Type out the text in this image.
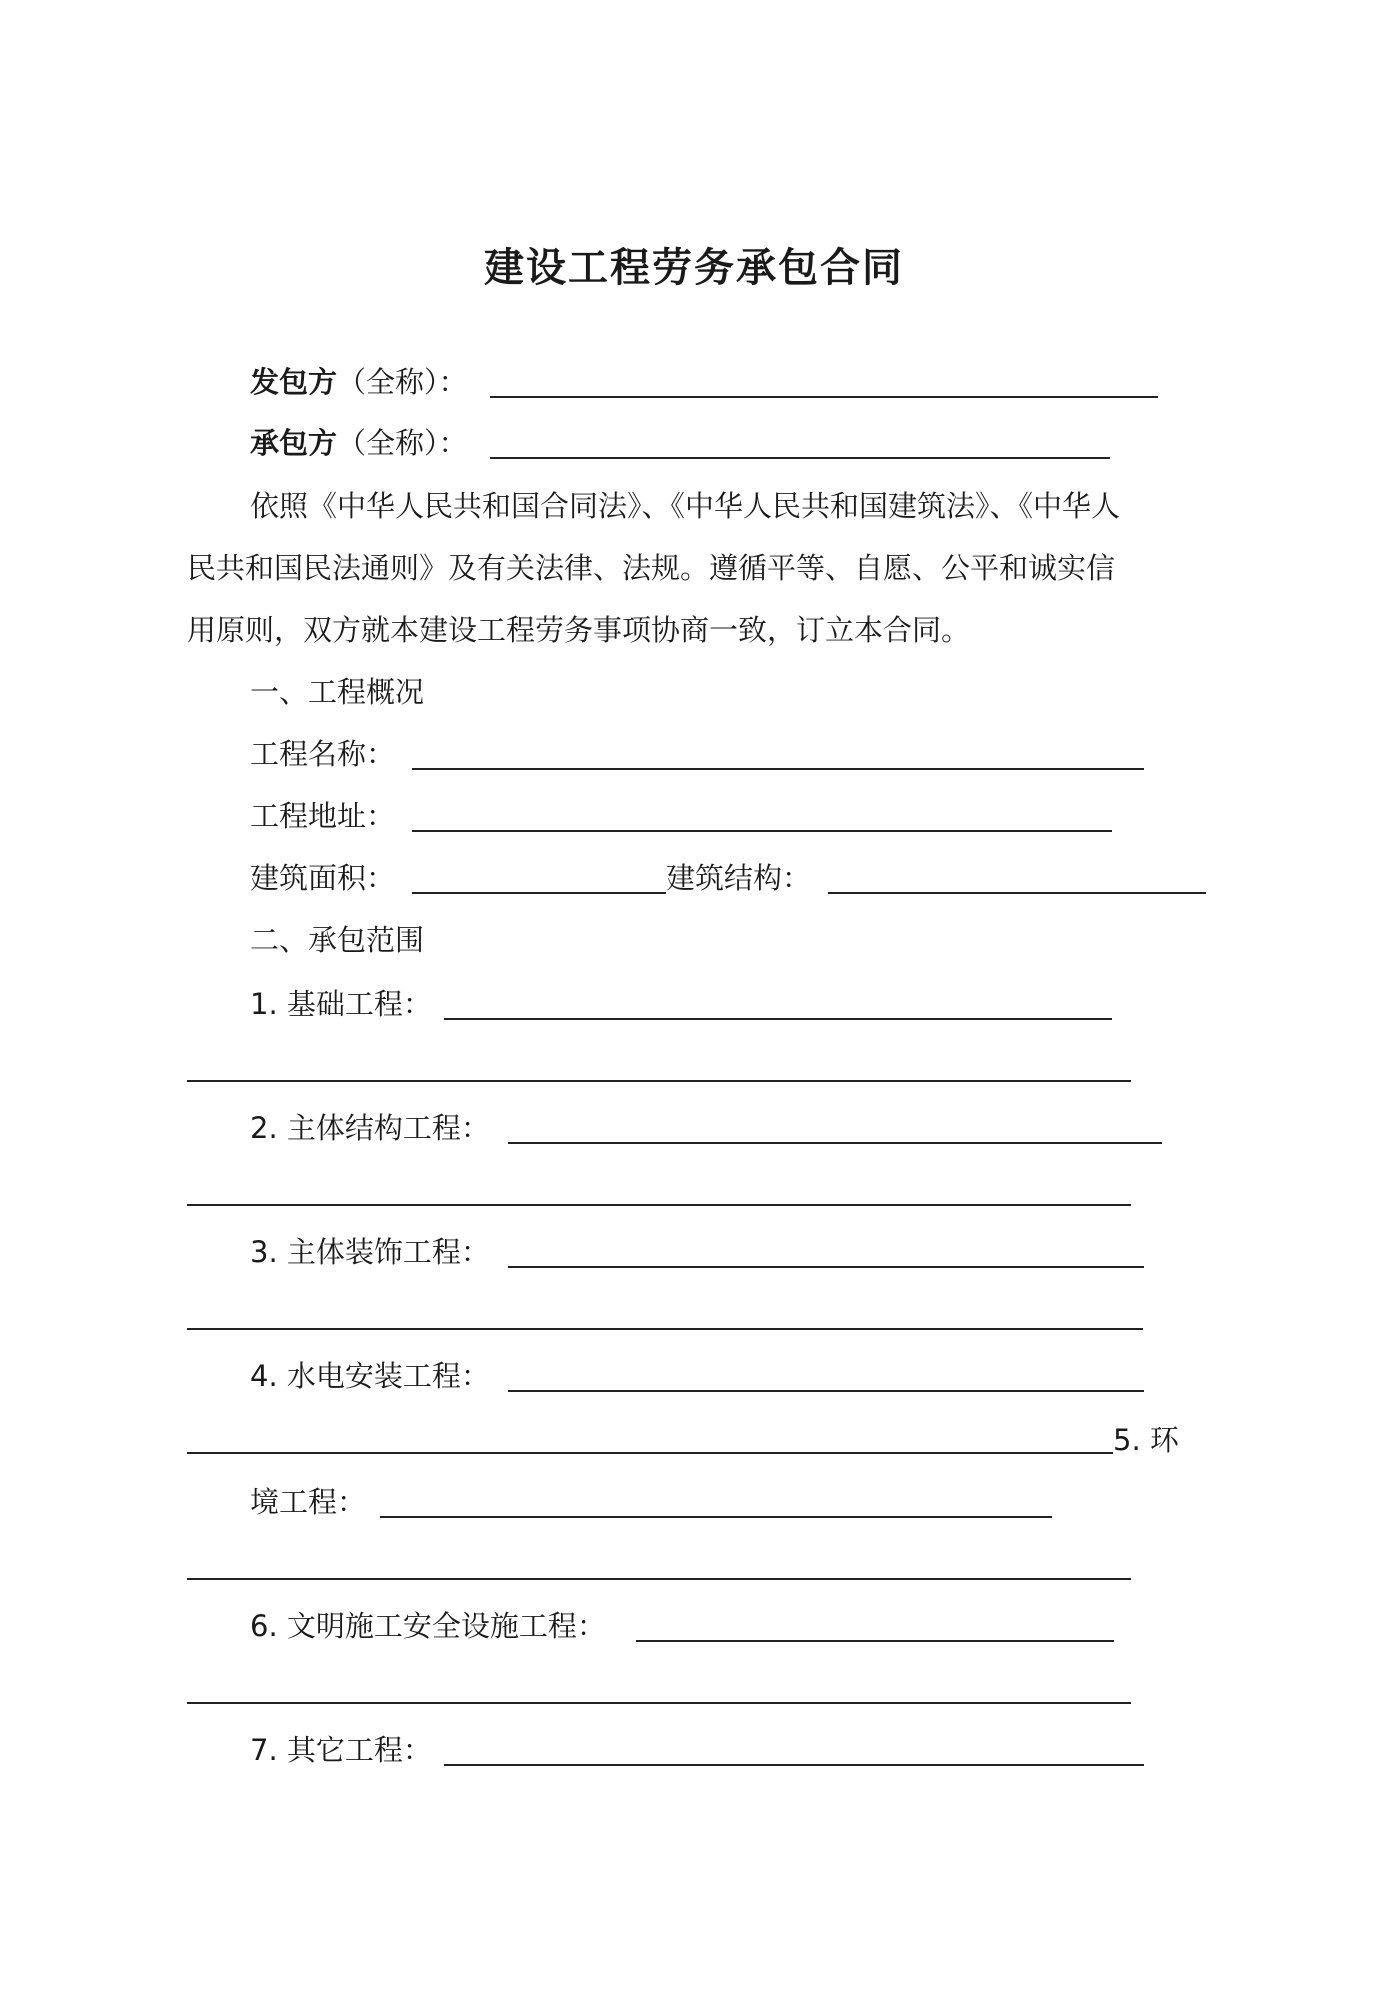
建设工程劳务承包合同
发包方（全称）：
承包方（全称）：
依照《中华人民共和国合同法》、《中华人民共和国建筑法》、《中华人
民共和国民法通则》及有关法律、法规。遵循平等、自愿、公平和诚实信
用原则，双方就本建设工程劳务事项协商一致，订立本合同。
一、工程概况
工程名称：
工程地址：
建筑面积：	建筑结构：
二、承包范围
1. 基础工程：
2. 主体结构工程：
3. 主体装饰工程：
4. 水电安装工程：
5. 环
境工程：
6. 文明施工安全设施工程：
7. 其它工程：
